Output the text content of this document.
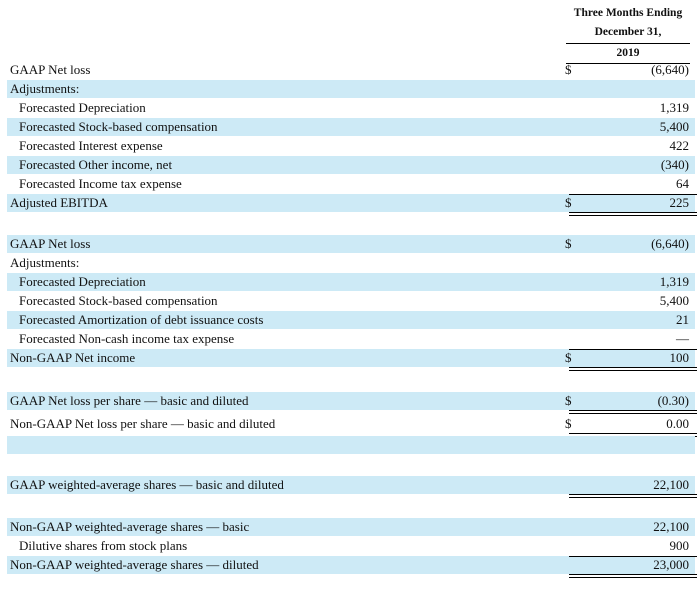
Three Months Ending
December 31,
2019
GAAP Net loss	$	(6,640)
Adjustments:
Forecasted Depreciation	1,319
Forecasted Stock-based compensation	5,400
Forecasted Interest expense	422
Forecasted Other income, net	(340)
Forecasted Income tax expense	64
Adjusted EBITDA	$	225
GAAP Net loss	$	(6,640)
Adjustments:
Forecasted Depreciation	1,319
Forecasted Stock-based compensation	5,400
Forecasted Amortization of debt issuance costs	21
Forecasted Non-cash income tax expense	—
Non-GAAP Net income	$	100
GAAP Net loss per share — basic and diluted	$	(0.30)
Non-GAAP Net loss per share — basic and diluted	$	0.00
GAAP weighted-average shares — basic and diluted	22,100
Non-GAAP weighted-average shares — basic	22,100
Dilutive shares from stock plans	900
Non-GAAP weighted-average shares — diluted	23,000
